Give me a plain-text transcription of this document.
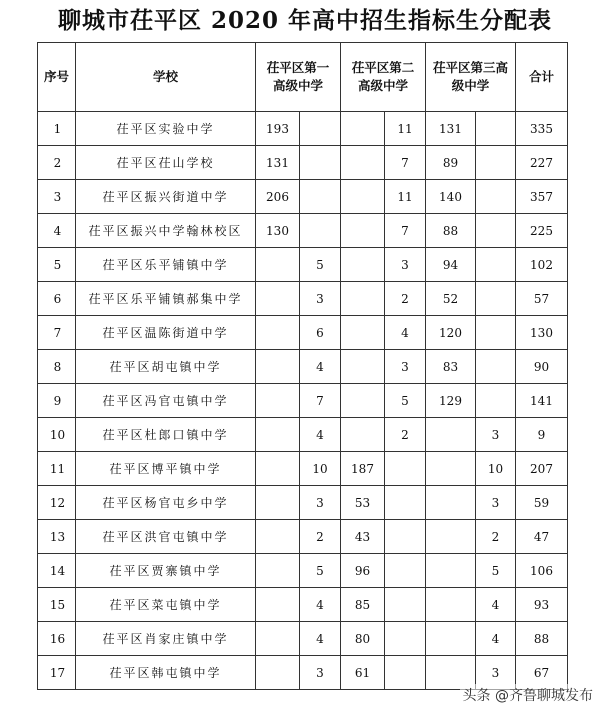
聊城市茌平区 2020 年高中招生指标生分配表
序号	学校	茌平区第一高级中学		茌平区第二高级中学		茌平区第三高级中学		合计
1	茌平区实验中学	193			11	131		335
2	茌平区茌山学校	131			7	89		227
3	茌平区振兴街道中学	206			11	140		357
4	茌平区振兴中学翰林校区	130			7	88		225
5	茌平区乐平铺镇中学		5		3	94		102
6	茌平区乐平铺镇郝集中学		3		2	52		57
7	茌平区温陈街道中学		6		4	120		130
8	茌平区胡屯镇中学		4		3	83		90
9	茌平区冯官屯镇中学		7		5	129		141
10	茌平区杜郎口镇中学		4		2		3	9
11	茌平区博平镇中学		10	187			10	207
12	茌平区杨官屯乡中学		3	53			3	59
13	茌平区洪官屯镇中学		2	43			2	47
14	茌平区贾寨镇中学		5	96			5	106
15	茌平区菜屯镇中学		4	85			4	93
16	茌平区肖家庄镇中学		4	80			4	88
17	茌平区韩屯镇中学		3	61			3	67
头条 @齐鲁聊城发布
